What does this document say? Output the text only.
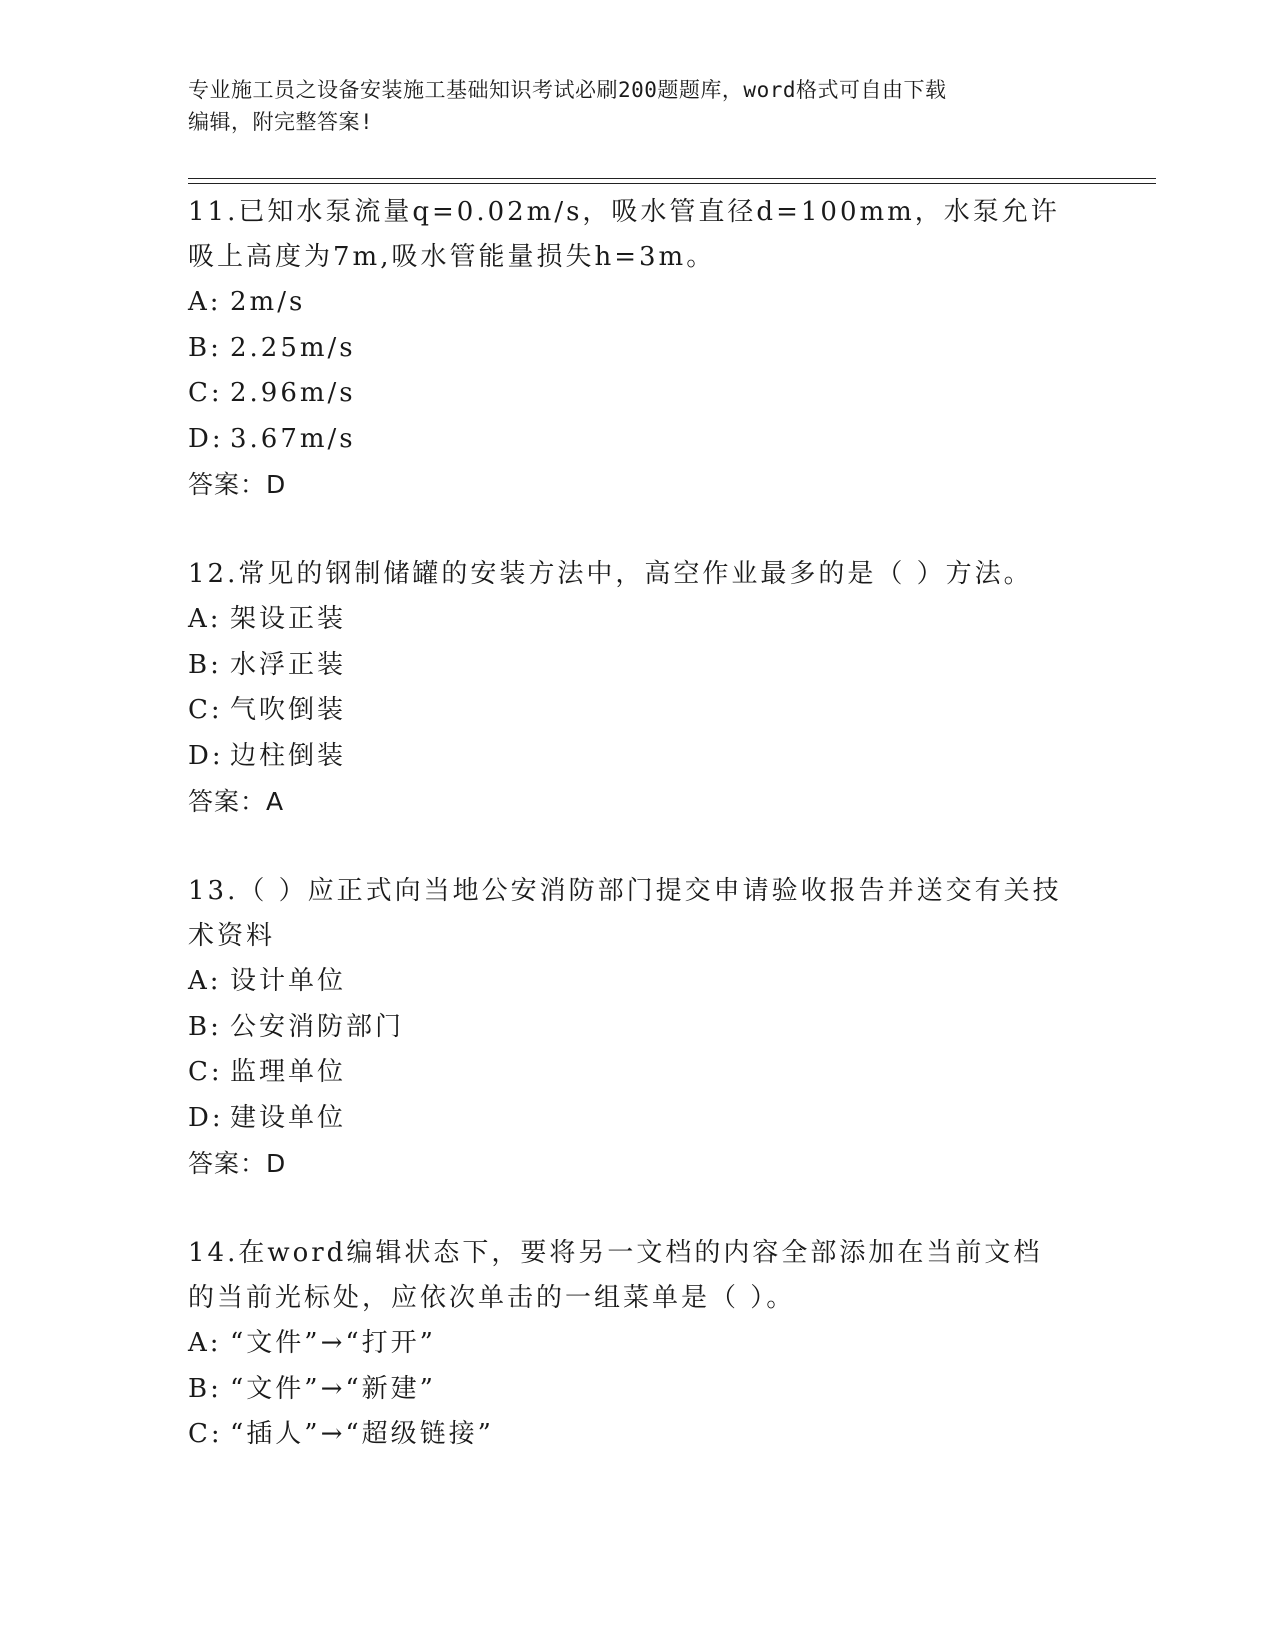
专业施工员之设备安装施工基础知识考试必刷200题题库，word格式可自由下载
编辑，附完整答案!

11.已知水泵流量q=0.02m/s，吸水管直径d=100mm，水泵允许吸上高度为7m,吸水管能量损失h=3m。

A: 2m/s

B: 2.25m/s

C: 2.96m/s

D: 3.67m/s

答案：D

12.常见的钢制储罐的安装方法中，高空作业最多的是（ ）方法。

A: 架设正装

B: 水浮正装

C: 气吹倒装

D: 边柱倒装

答案：A

13.（ ）应正式向当地公安消防部门提交申请验收报告并送交有关技术资料

A: 设计单位

B: 公安消防部门

C: 监理单位

D: 建设单位

答案：D

14.在word编辑状态下，要将另一文档的内容全部添加在当前文档的当前光标处，应依次单击的一组菜单是（ ）。

A: “文件”→“打开”

B: “文件”→“新建”

C: “插人”→“超级链接”
